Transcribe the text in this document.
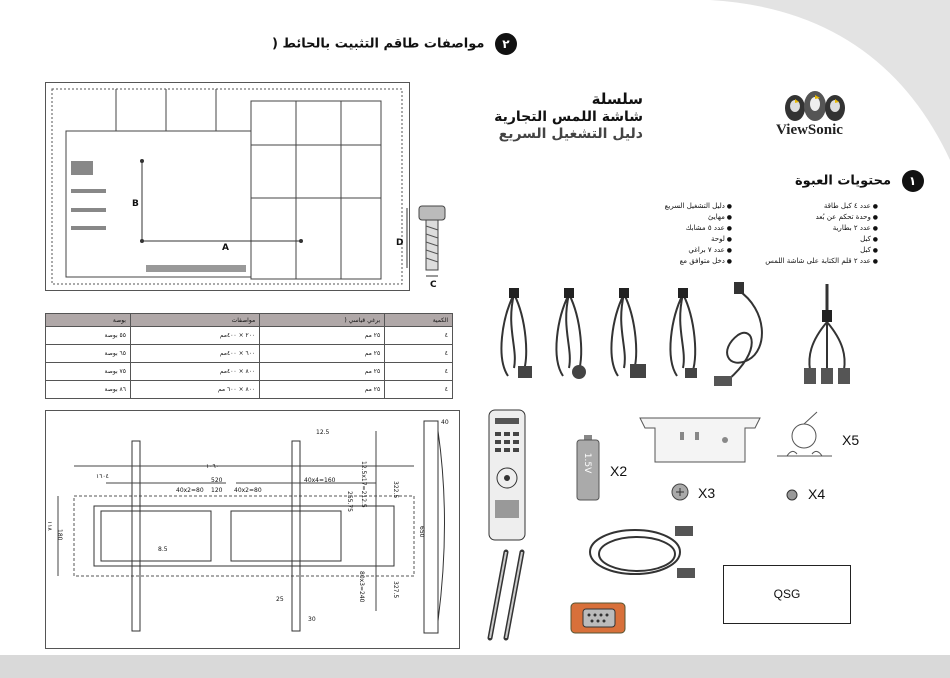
٢ مواصفات طاقم التثبيت بالحائط (
A
B
D
C
الكمية	برغي قياسي (	مواصفات	بوصة
٤	٢٥ مم	٢٠٠ × ٤٠٠مم	٥٥ بوصة
٤	٢٥ مم	٦٠٠ × ٤٠٠مم	٦٥ بوصة
٤	٢٥ مم	٨٠٠ × ٤٠٠مم	٧٥ بوصة
٤	٢٥ مم	٨٠٠ × ٦٠٠ مم	٨٦ بوصة
١٠٦٠
١٦٠٤
520
40x2=80 120 40x2=80
40x4=160
12.5
12.5x17=212.5
255.75
322.5
327.5
80x3=240
40
650
180
١١٨
8.5
25
30
ViewSonic
سلسلة
شاشة اللمس التجارية
دليل التشغيل السريع
١ محتويات العبوة
● عدد ٤ كبل طاقة
● وحدة تحكم عن بُعد
● عدد ٢ بطارية
● كبل
● كبل
● عدد ٢ قلم الكتابة على شاشة اللمس
● دليل التشغيل السريع
● مهايئ
● عدد ٥ مشابك
● لوحة
● عدد ٧ براغي
● دخل متوافق مع
1.5V X2
X3	X4
X5
QSG
